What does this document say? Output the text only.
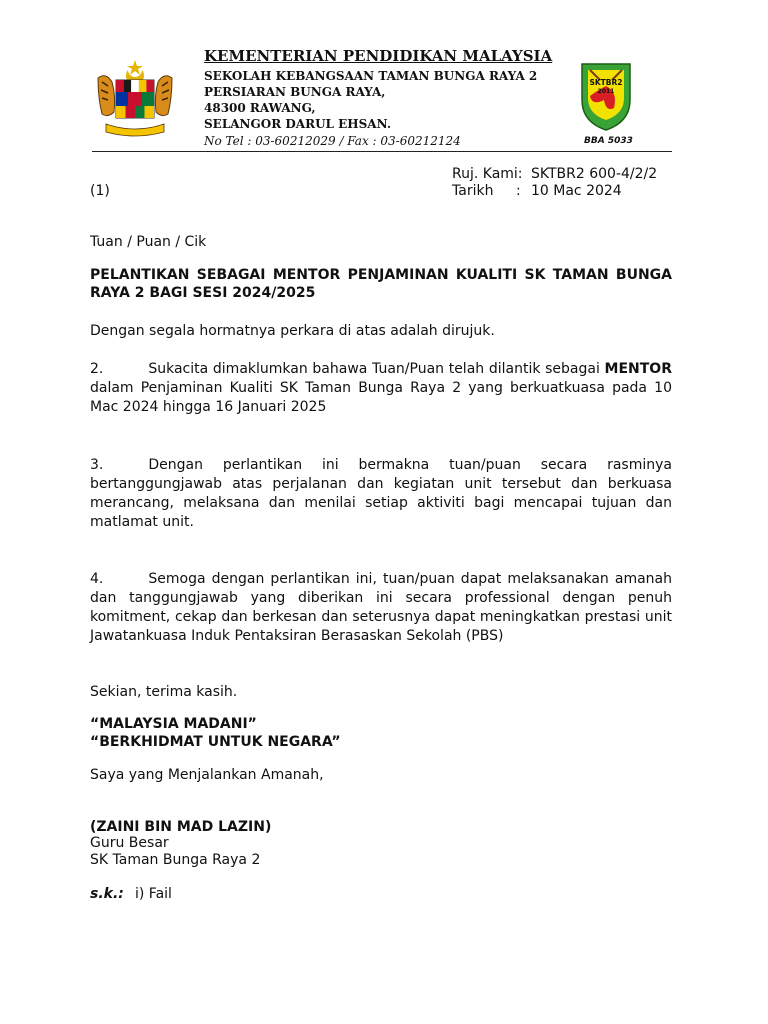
KEMENTERIAN PENDIDIKAN MALAYSIA
SEKOLAH KEBANGSAAN TAMAN BUNGA RAYA 2
PERSIARAN BUNGA RAYA,
48300 RAWANG,
SELANGOR DARUL EHSAN.
No Tel : 03-60212029 / Fax : 03-60212124
SKTBR2
2011
BBA 5033
Ruj. Kami: SKTBR2 600-4/2/2
Tarikh : 10 Mac 2024
(1)
Tuan / Puan / Cik
PELANTIKAN SEBAGAI MENTOR PENJAMINAN KUALITI SK TAMAN BUNGA
RAYA 2 BAGI SESI 2024/2025
Dengan segala hormatnya perkara di atas adalah dirujuk.
2.	Sukacita dimaklumkan bahawa Tuan/Puan telah dilantik sebagai MENTOR dalam Penjaminan Kualiti SK Taman Bunga Raya 2 yang berkuatkuasa pada 10 Mac 2024 hingga 16 Januari 2025
3.	Dengan perlantikan ini bermakna tuan/puan secara rasminya bertanggungjawab atas perjalanan dan kegiatan unit tersebut dan berkuasa merancang, melaksana dan menilai setiap aktiviti bagi mencapai tujuan dan matlamat unit.
4.	Semoga dengan perlantikan ini, tuan/puan dapat melaksanakan amanah dan tanggungjawab yang diberikan ini secara professional dengan penuh komitment, cekap dan berkesan dan seterusnya dapat meningkatkan prestasi unit Jawatankuasa Induk Pentaksiran Berasaskan Sekolah (PBS)
Sekian, terima kasih.
“MALAYSIA MADANI”
“BERKHIDMAT UNTUK NEGARA”
Saya yang Menjalankan Amanah,
(ZAINI BIN MAD LAZIN)
Guru Besar
SK Taman Bunga Raya 2
s.k.: i) Fail
